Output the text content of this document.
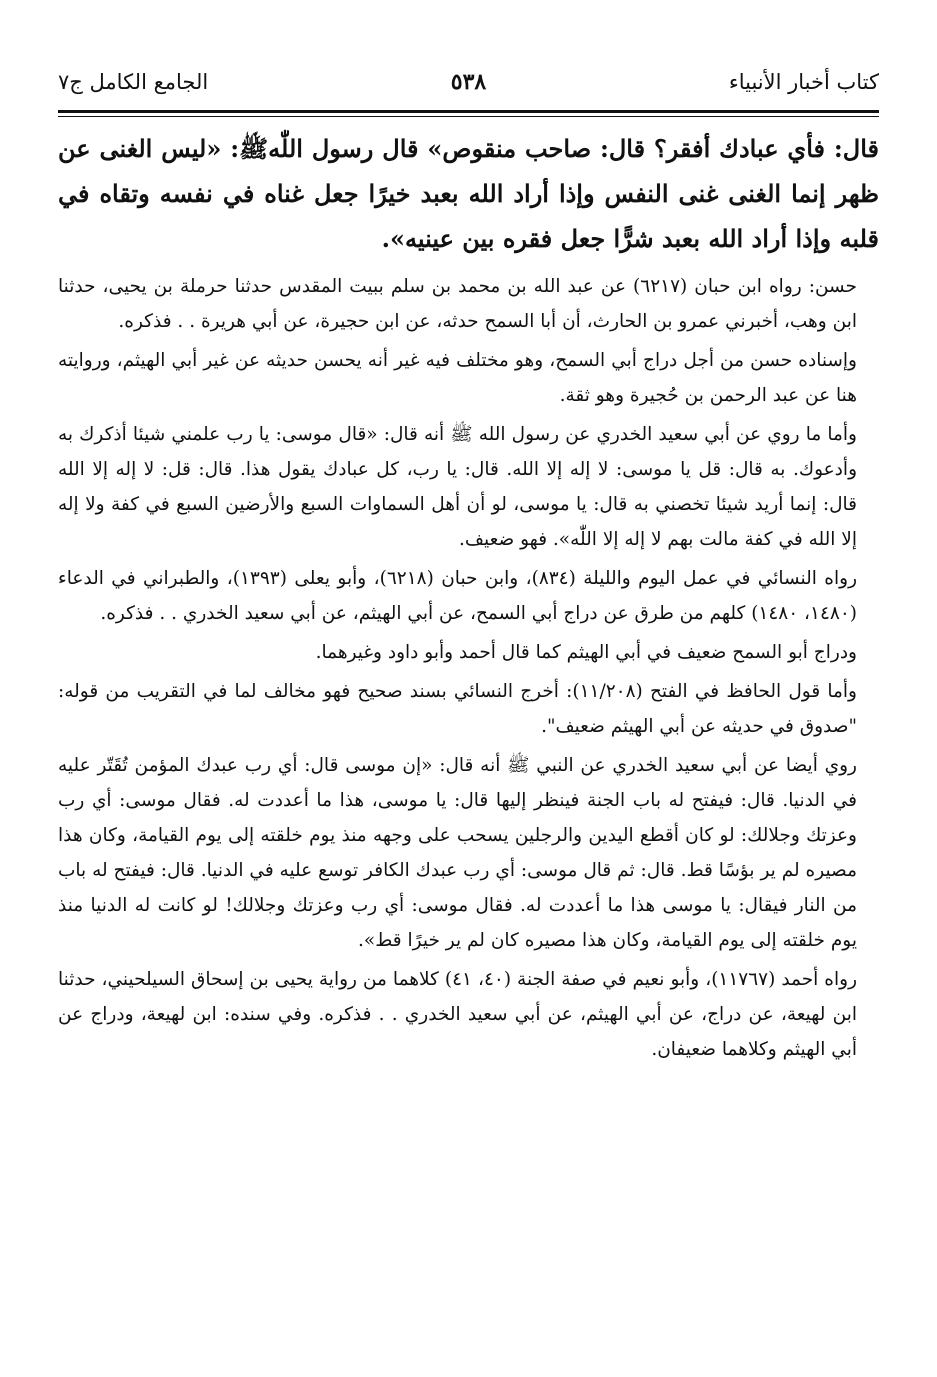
كتاب أخبار الأنبياء
٥٣٨
الجامع الكامل ج٧

قال: فأي عبادك أفقر؟ قال: صاحب منقوص» قال رسول اللّٰهﷺ: «ليس الغنى عن ظهر إنما الغنى غنى النفس وإذا أراد الله بعبد خيرًا جعل غناه في نفسه وتقاه في قلبه وإذا أراد الله بعبد شرًّا جعل فقره بين عينيه».

حسن: رواه ابن حبان (٦٢١٧) عن عبد الله بن محمد بن سلم ببيت المقدس حدثنا حرملة بن يحيى، حدثنا ابن وهب، أخبرني عمرو بن الحارث، أن أبا السمح حدثه، عن ابن حجيرة، عن أبي هريرة . . فذكره.

وإسناده حسن من أجل دراج أبي السمح، وهو مختلف فيه غير أنه يحسن حديثه عن غير أبي الهيثم، وروايته هنا عن عبد الرحمن بن حُجيرة وهو ثقة.

وأما ما روي عن أبي سعيد الخدري عن رسول الله ﷺ أنه قال: «قال موسى: يا رب علمني شيئا أذكرك به وأدعوك. به قال: قل يا موسى: لا إله إلا الله. قال: يا رب، كل عبادك يقول هذا. قال: قل: لا إله إلا الله قال: إنما أريد شيئا تخصني به قال: يا موسى، لو أن أهل السماوات السبع والأرضين السبع في كفة ولا إله إلا الله في كفة مالت بهم لا إله إلا اللّٰه». فهو ضعيف.

رواه النسائي في عمل اليوم والليلة (٨٣٤)، وابن حبان (٦٢١٨)، وأبو يعلى (١٣٩٣)، والطبراني في الدعاء (١٤٨٠، ١٤٨٠) كلهم من طرق عن دراج أبي السمح، عن أبي الهيثم، عن أبي سعيد الخدري . . فذكره.

ودراج أبو السمح ضعيف في أبي الهيثم كما قال أحمد وأبو داود وغيرهما.

وأما قول الحافظ في الفتح (١١/٢٠٨): أخرج النسائي بسند صحيح فهو مخالف لما في التقريب من قوله: "صدوق في حديثه عن أبي الهيثم ضعيف".

روي أيضا عن أبي سعيد الخدري عن النبي ﷺ أنه قال: «إن موسى قال: أي رب عبدك المؤمن تُقَتّر عليه في الدنيا. قال: فيفتح له باب الجنة فينظر إليها قال: يا موسى، هذا ما أعددت له. فقال موسى: أي رب وعزتك وجلالك: لو كان أقطع اليدين والرجلين يسحب على وجهه منذ يوم خلقته إلى يوم القيامة، وكان هذا مصيره لم ير بؤسًا قط. قال: ثم قال موسى: أي رب عبدك الكافر توسع عليه في الدنيا. قال: فيفتح له باب من النار فيقال: يا موسى هذا ما أعددت له. فقال موسى: أي رب وعزتك وجلالك! لو كانت له الدنيا منذ يوم خلقته إلى يوم القيامة، وكان هذا مصيره كان لم ير خيرًا قط».

رواه أحمد (١١٧٦٧)، وأبو نعيم في صفة الجنة (٤٠، ٤١) كلاهما من رواية يحيى بن إسحاق السيلحيني، حدثنا ابن لهيعة، عن دراج، عن أبي الهيثم، عن أبي سعيد الخدري . . فذكره. وفي سنده: ابن لهيعة، ودراج عن أبي الهيثم وكلاهما ضعيفان.
